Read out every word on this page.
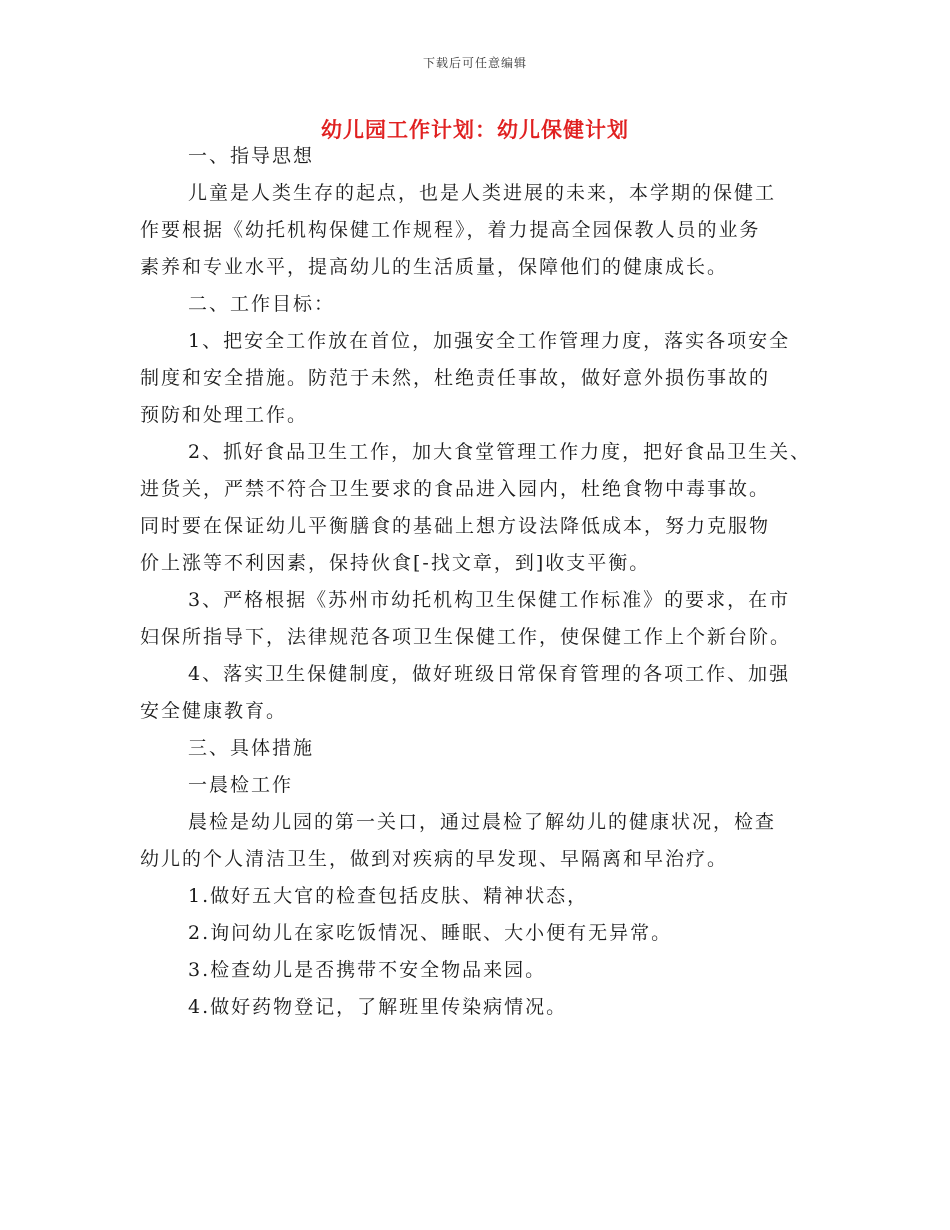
下载后可任意编辑
幼儿园工作计划：幼儿保健计划
一、指导思想
儿童是人类生存的起点，也是人类进展的未来，本学期的保健工
作要根据《幼托机构保健工作规程》，着力提高全园保教人员的业务
素养和专业水平，提高幼儿的生活质量，保障他们的健康成长。
二、工作目标：
1、把安全工作放在首位，加强安全工作管理力度，落实各项安全
制度和安全措施。防范于未然，杜绝责任事故，做好意外损伤事故的
预防和处理工作。
2、抓好食品卫生工作，加大食堂管理工作力度，把好食品卫生关、
进货关，严禁不符合卫生要求的食品进入园内，杜绝食物中毒事故。
同时要在保证幼儿平衡膳食的基础上想方设法降低成本，努力克服物
价上涨等不利因素，保持伙食[-找文章，到]收支平衡。
3、严格根据《苏州市幼托机构卫生保健工作标准》的要求，在市
妇保所指导下，法律规范各项卫生保健工作，使保健工作上个新台阶。
4、落实卫生保健制度，做好班级日常保育管理的各项工作、加强
安全健康教育。
三、具体措施
一晨检工作
晨检是幼儿园的第一关口，通过晨检了解幼儿的健康状况，检查
幼儿的个人清洁卫生，做到对疾病的早发现、早隔离和早治疗。
1.做好五大官的检查包括皮肤、精神状态，
2.询问幼儿在家吃饭情况、睡眠、大小便有无异常。
3.检查幼儿是否携带不安全物品来园。
4.做好药物登记，了解班里传染病情况。
